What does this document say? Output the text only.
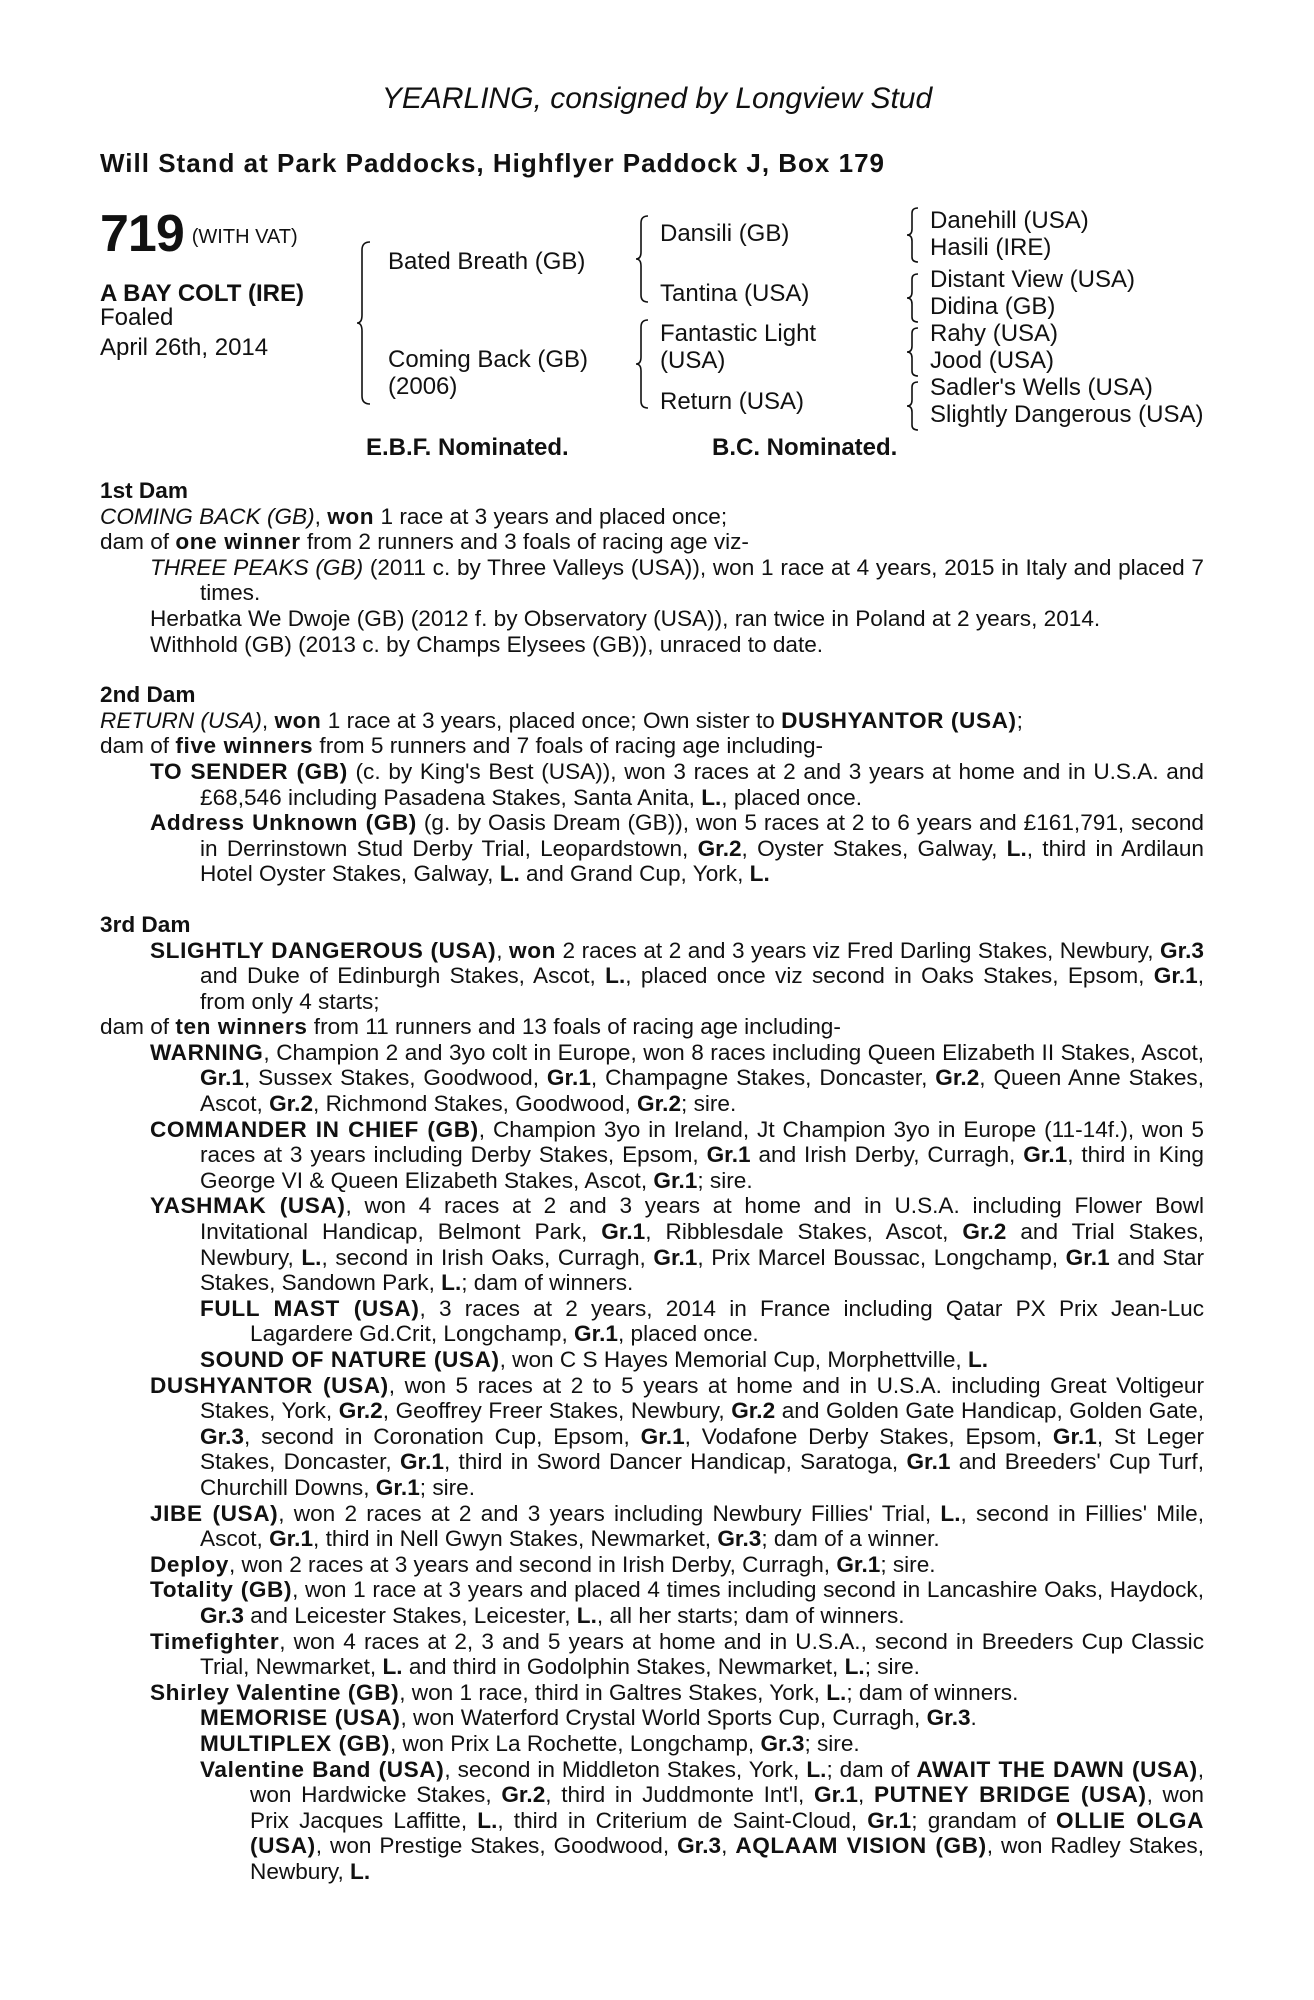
YEARLING, consigned by Longview Stud
Will Stand at Park Paddocks, Highflyer Paddock J, Box 179
719 (WITH VAT)
A BAY COLT (IRE)
Foaled
April 26th, 2014
Bated Breath (GB)
Coming Back (GB)
(2006)
Dansili (GB)
Tantina (USA)
Fantastic Light
(USA)
Return (USA)
Danehill (USA)
Hasili (IRE)
Distant View (USA)
Didina (GB)
Rahy (USA)
Jood (USA)
Sadler's Wells (USA)
Slightly Dangerous (USA)
E.B.F. Nominated.	B.C. Nominated.
1st Dam
COMING BACK (GB), won 1 race at 3 years and placed once;
dam of one winner from 2 runners and 3 foals of racing age viz-
THREE PEAKS (GB) (2011 c. by Three Valleys (USA)), won 1 race at 4 years, 2015 in Italy and placed 7 times.
Herbatka We Dwoje (GB) (2012 f. by Observatory (USA)), ran twice in Poland at 2 years, 2014.
Withhold (GB) (2013 c. by Champs Elysees (GB)), unraced to date.
2nd Dam
RETURN (USA), won 1 race at 3 years, placed once; Own sister to DUSHYANTOR (USA);
dam of five winners from 5 runners and 7 foals of racing age including-
TO SENDER (GB) (c. by King's Best (USA)), won 3 races at 2 and 3 years at home and in U.S.A. and £68,546 including Pasadena Stakes, Santa Anita, L., placed once.
Address Unknown (GB) (g. by Oasis Dream (GB)), won 5 races at 2 to 6 years and £161,791, second in Derrinstown Stud Derby Trial, Leopardstown, Gr.2, Oyster Stakes, Galway, L., third in Ardilaun Hotel Oyster Stakes, Galway, L. and Grand Cup, York, L.
3rd Dam
SLIGHTLY DANGEROUS (USA), won 2 races at 2 and 3 years viz Fred Darling Stakes, Newbury, Gr.3 and Duke of Edinburgh Stakes, Ascot, L., placed once viz second in Oaks Stakes, Epsom, Gr.1, from only 4 starts;
dam of ten winners from 11 runners and 13 foals of racing age including-
WARNING, Champion 2 and 3yo colt in Europe, won 8 races including Queen Elizabeth II Stakes, Ascot, Gr.1, Sussex Stakes, Goodwood, Gr.1, Champagne Stakes, Doncaster, Gr.2, Queen Anne Stakes, Ascot, Gr.2, Richmond Stakes, Goodwood, Gr.2; sire.
COMMANDER IN CHIEF (GB), Champion 3yo in Ireland, Jt Champion 3yo in Europe (11-14f.), won 5 races at 3 years including Derby Stakes, Epsom, Gr.1 and Irish Derby, Curragh, Gr.1, third in King George VI & Queen Elizabeth Stakes, Ascot, Gr.1; sire.
YASHMAK (USA), won 4 races at 2 and 3 years at home and in U.S.A. including Flower Bowl Invitational Handicap, Belmont Park, Gr.1, Ribblesdale Stakes, Ascot, Gr.2 and Trial Stakes, Newbury, L., second in Irish Oaks, Curragh, Gr.1, Prix Marcel Boussac, Longchamp, Gr.1 and Star Stakes, Sandown Park, L.; dam of winners.
FULL MAST (USA), 3 races at 2 years, 2014 in France including Qatar PX Prix Jean-Luc Lagardere Gd.Crit, Longchamp, Gr.1, placed once.
SOUND OF NATURE (USA), won C S Hayes Memorial Cup, Morphettville, L.
DUSHYANTOR (USA), won 5 races at 2 to 5 years at home and in U.S.A. including Great Voltigeur Stakes, York, Gr.2, Geoffrey Freer Stakes, Newbury, Gr.2 and Golden Gate Handicap, Golden Gate, Gr.3, second in Coronation Cup, Epsom, Gr.1, Vodafone Derby Stakes, Epsom, Gr.1, St Leger Stakes, Doncaster, Gr.1, third in Sword Dancer Handicap, Saratoga, Gr.1 and Breeders' Cup Turf, Churchill Downs, Gr.1; sire.
JIBE (USA), won 2 races at 2 and 3 years including Newbury Fillies' Trial, L., second in Fillies' Mile, Ascot, Gr.1, third in Nell Gwyn Stakes, Newmarket, Gr.3; dam of a winner.
Deploy, won 2 races at 3 years and second in Irish Derby, Curragh, Gr.1; sire.
Totality (GB), won 1 race at 3 years and placed 4 times including second in Lancashire Oaks, Haydock, Gr.3 and Leicester Stakes, Leicester, L., all her starts; dam of winners.
Timefighter, won 4 races at 2, 3 and 5 years at home and in U.S.A., second in Breeders Cup Classic Trial, Newmarket, L. and third in Godolphin Stakes, Newmarket, L.; sire.
Shirley Valentine (GB), won 1 race, third in Galtres Stakes, York, L.; dam of winners.
MEMORISE (USA), won Waterford Crystal World Sports Cup, Curragh, Gr.3.
MULTIPLEX (GB), won Prix La Rochette, Longchamp, Gr.3; sire.
Valentine Band (USA), second in Middleton Stakes, York, L.; dam of AWAIT THE DAWN (USA), won Hardwicke Stakes, Gr.2, third in Juddmonte Int'l, Gr.1, PUTNEY BRIDGE (USA), won Prix Jacques Laffitte, L., third in Criterium de Saint-Cloud, Gr.1; grandam of OLLIE OLGA (USA), won Prestige Stakes, Goodwood, Gr.3, AQLAAM VISION (GB), won Radley Stakes, Newbury, L.
